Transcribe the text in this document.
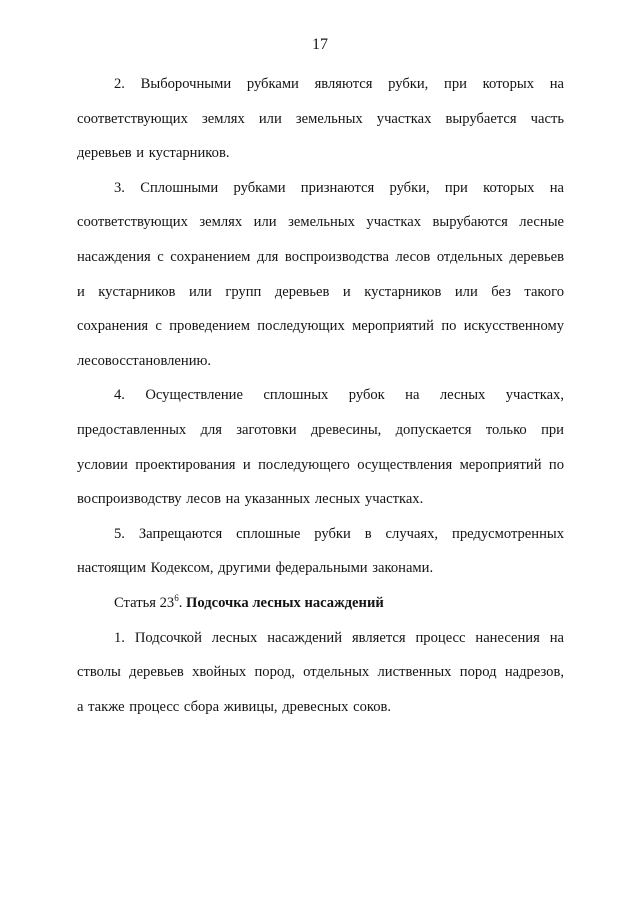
17

2. Выборочными рубками являются рубки, при которых на
соответствующих землях или земельных участках вырубается часть
деревьев и кустарников.

3. Сплошными рубками признаются рубки, при которых на
соответствующих землях или земельных участках вырубаются лесные
насаждения с сохранением для воспроизводства лесов отдельных деревьев
и кустарников или групп деревьев и кустарников или без такого
сохранения с проведением последующих мероприятий по искусственному
лесовосстановлению.

4. Осуществление сплошных рубок на лесных участках,
предоставленных для заготовки древесины, допускается только при
условии проектирования и последующего осуществления мероприятий по
воспроизводству лесов на указанных лесных участках.

5. Запрещаются сплошные рубки в случаях, предусмотренных
настоящим Кодексом, другими федеральными законами.

Статья $23^6$. Подсочка лесных насаждений

1. Подсочкой лесных насаждений является процесс нанесения на
стволы деревьев хвойных пород, отдельных лиственных пород надрезов,
а также процесс сбора живицы, древесных соков.
